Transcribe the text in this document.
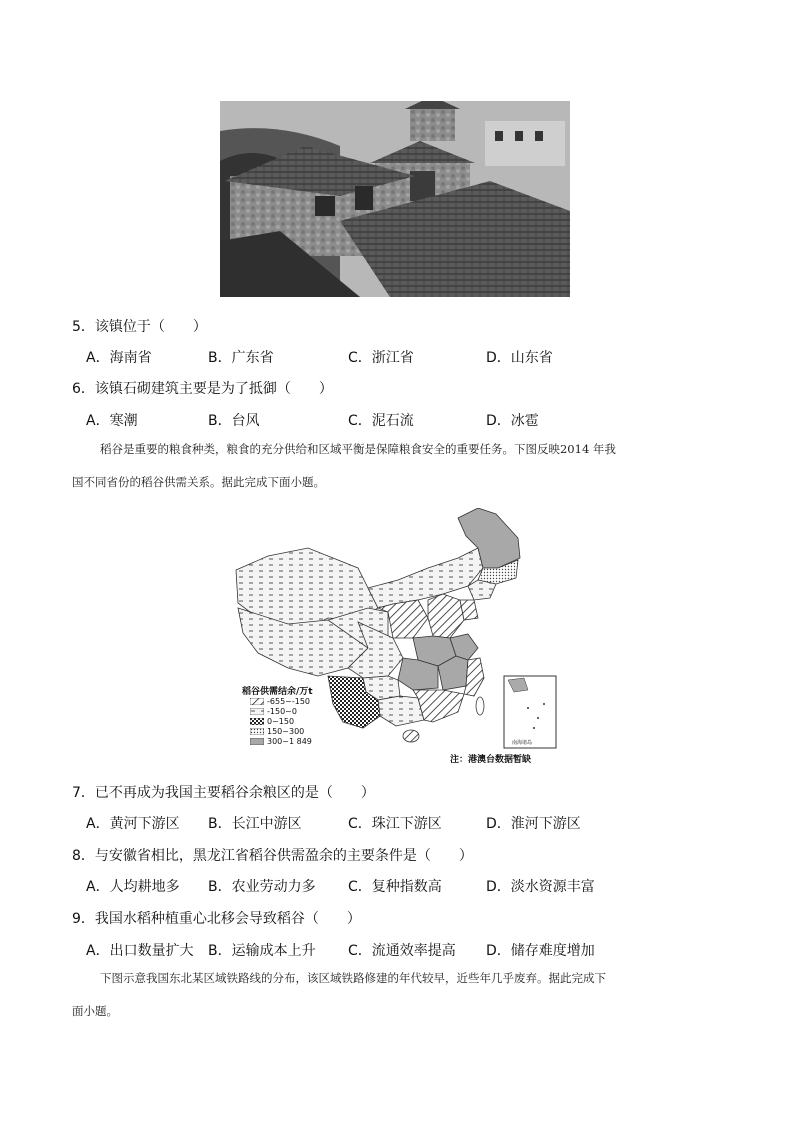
5．该镇位于（　　）
A．海南省	B．广东省	C．浙江省	D．山东省
6．该镇石砌建筑主要是为了抵御（　　）
A．寒潮	B．台风	C．泥石流	D．冰雹
稻谷是重要的粮食种类，粮食的充分供给和区域平衡是保障粮食安全的重要任务。下图反映2014 年我
国不同省份的稻谷供需关系。据此完成下面小题。
稻谷供需结余/万t
-655~-150
-150~0
0~150
150~300
300~1 849	南海诸岛
注：港澳台数据暂缺
7．已不再成为我国主要稻谷余粮区的是（　　）
A．黄河下游区 B．长江中游区	C．珠江下游区	D．淮河下游区
8．与安徽省相比，黑龙江省稻谷供需盈余的主要条件是（　　）
A．人均耕地多 B．农业劳动力多 C．复种指数高	D．淡水资源丰富
9．我国水稻种植重心北移会导致稻谷（　　）
A．出口数量扩大 B．运输成本上升 C．流通效率提高 D．储存难度增加
下图示意我国东北某区域铁路线的分布，该区域铁路修建的年代较早，近些年几乎废弃。据此完成下
面小题。
